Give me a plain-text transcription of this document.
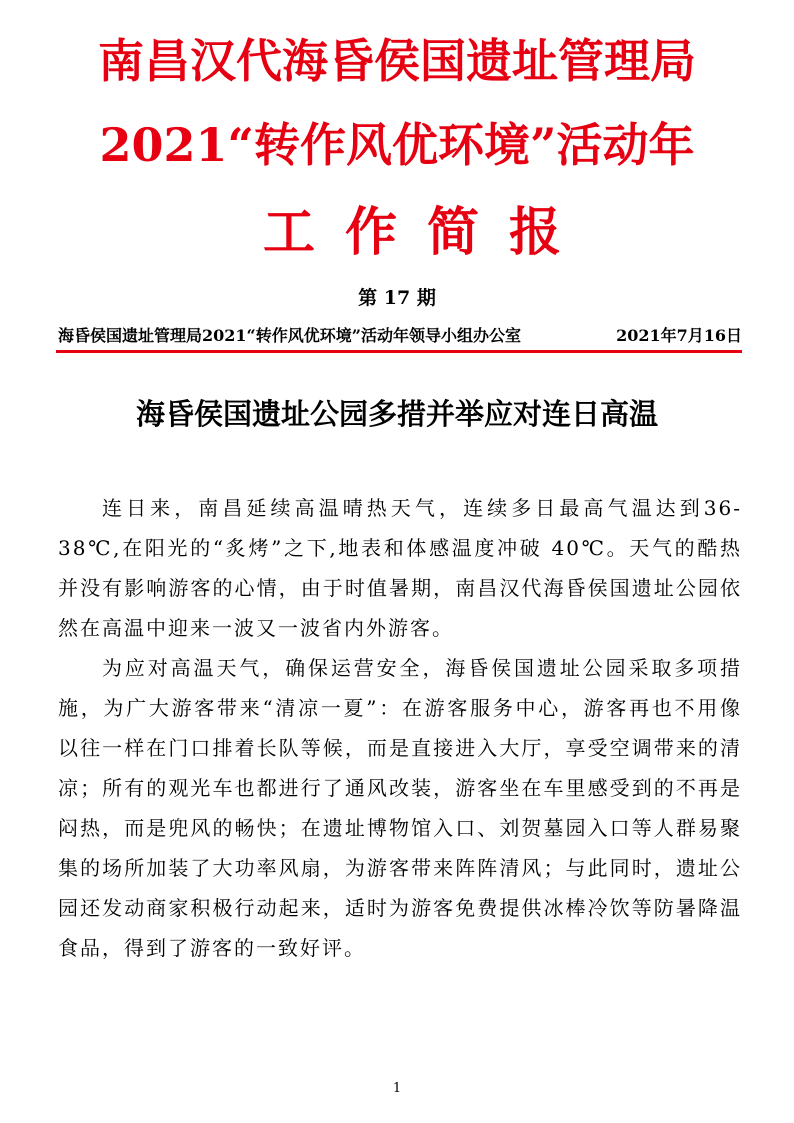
南昌汉代海昏侯国遗址管理局
2021“转作风优环境”活动年
工作简报
第 17 期
海昏侯国遗址管理局2021“转作风优环境”活动年领导小组办公室	2021年7月16日
海昏侯国遗址公园多措并举应对连日高温

连日来，南昌延续高温晴热天气，连续多日最高气温达到36-38℃,在阳光的“炙烤”之下,地表和体感温度冲破 40℃。天气的酷热并没有影响游客的心情，由于时值暑期，南昌汉代海昏侯国遗址公园依然在高温中迎来一波又一波省内外游客。

为应对高温天气，确保运营安全，海昏侯国遗址公园采取多项措施，为广大游客带来“清凉一夏”：在游客服务中心，游客再也不用像以往一样在门口排着长队等候，而是直接进入大厅，享受空调带来的清凉；所有的观光车也都进行了通风改装，游客坐在车里感受到的不再是闷热，而是兜风的畅快；在遗址博物馆入口、刘贺墓园入口等人群易聚集的场所加装了大功率风扇，为游客带来阵阵清风；与此同时，遗址公园还发动商家积极行动起来，适时为游客免费提供冰棒冷饮等防暑降温食品，得到了游客的一致好评。

1
